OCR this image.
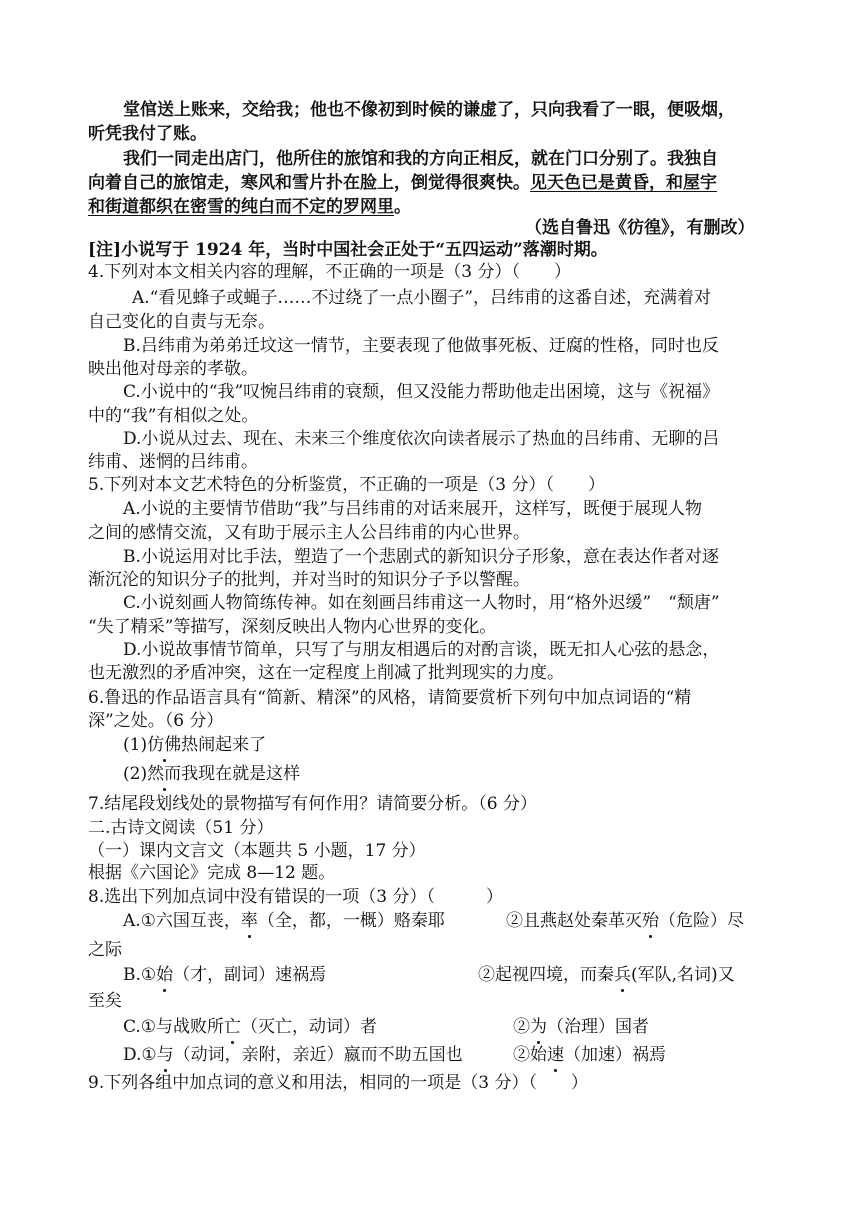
堂倌送上账来，交给我；他也不像初到时候的谦虚了，只向我看了一眼，便吸烟，
听凭我付了账。
我们一同走出店门，他所住的旅馆和我的方向正相反，就在门口分别了。我独自
向着自己的旅馆走，寒风和雪片扑在脸上，倒觉得很爽快。见天色已是黄昏，和屋宇
和街道都织在密雪的纯白而不定的罗网里。
（选自鲁迅《彷徨》，有删改）
[注]小说写于 1924 年，当时中国社会正处于“五四运动”落潮时期。
4.下列对本文相关内容的理解，不正确的一项是（3 分）（　　）
A.“看见蜂子或蝇子……不过绕了一点小圈子”，吕纬甫的这番自述，充满着对
自己变化的自责与无奈。
B.吕纬甫为弟弟迁坟这一情节，主要表现了他做事死板、迂腐的性格，同时也反
映出他对母亲的孝敬。
C.小说中的“我”叹惋吕纬甫的衰颓，但又没能力帮助他走出困境，这与《祝福》
中的“我”有相似之处。
D.小说从过去、现在、未来三个维度依次向读者展示了热血的吕纬甫、无聊的吕
纬甫、迷惘的吕纬甫。
5.下列对本文艺术特色的分析鉴赏，不正确的一项是（3 分）（　　）
A.小说的主要情节借助“我”与吕纬甫的对话来展开，这样写，既便于展现人物
之间的感情交流，又有助于展示主人公吕纬甫的内心世界。
B.小说运用对比手法，塑造了一个悲剧式的新知识分子形象，意在表达作者对逐
渐沉沦的知识分子的批判，并对当时的知识分子予以警醒。
C.小说刻画人物简练传神。如在刻画吕纬甫这一人物时，用“格外迟缓”　“颓唐”
“失了精采”等描写，深刻反映出人物内心世界的变化。
D.小说故事情节简单，只写了与朋友相遇后的对酌言谈，既无扣人心弦的悬念，
也无激烈的矛盾冲突，这在一定程度上削减了批判现实的力度。
6.鲁迅的作品语言具有“简新、精深”的风格，请简要赏析下列句中加点词语的“精
深”之处。（6 分）
(1)仿佛热闹起来了
(2)然而我现在就是这样
7.结尾段划线处的景物描写有何作用？请简要分析。（6 分）
二.古诗文阅读（51 分）
（一）课内文言文（本题共 5 小题，17 分）
根据《六国论》完成 8—12 题。
8.选出下列加点词中没有错误的一项（3 分）（　　　）
A.①六国互丧，率（全，都，一概）赂秦耶	②且燕赵处秦革灭殆（危险）尽
之际
B.①始（才，副词）速祸焉	②起视四境，而秦兵(军队,名词)又
至矣
C.①与战败所亡（灭亡，动词）者	②为（治理）国者
D.①与（动词，亲附，亲近）嬴而不助五国也	②始速（加速）祸焉
9.下列各组中加点词的意义和用法，相同的一项是（3 分）（　　）
